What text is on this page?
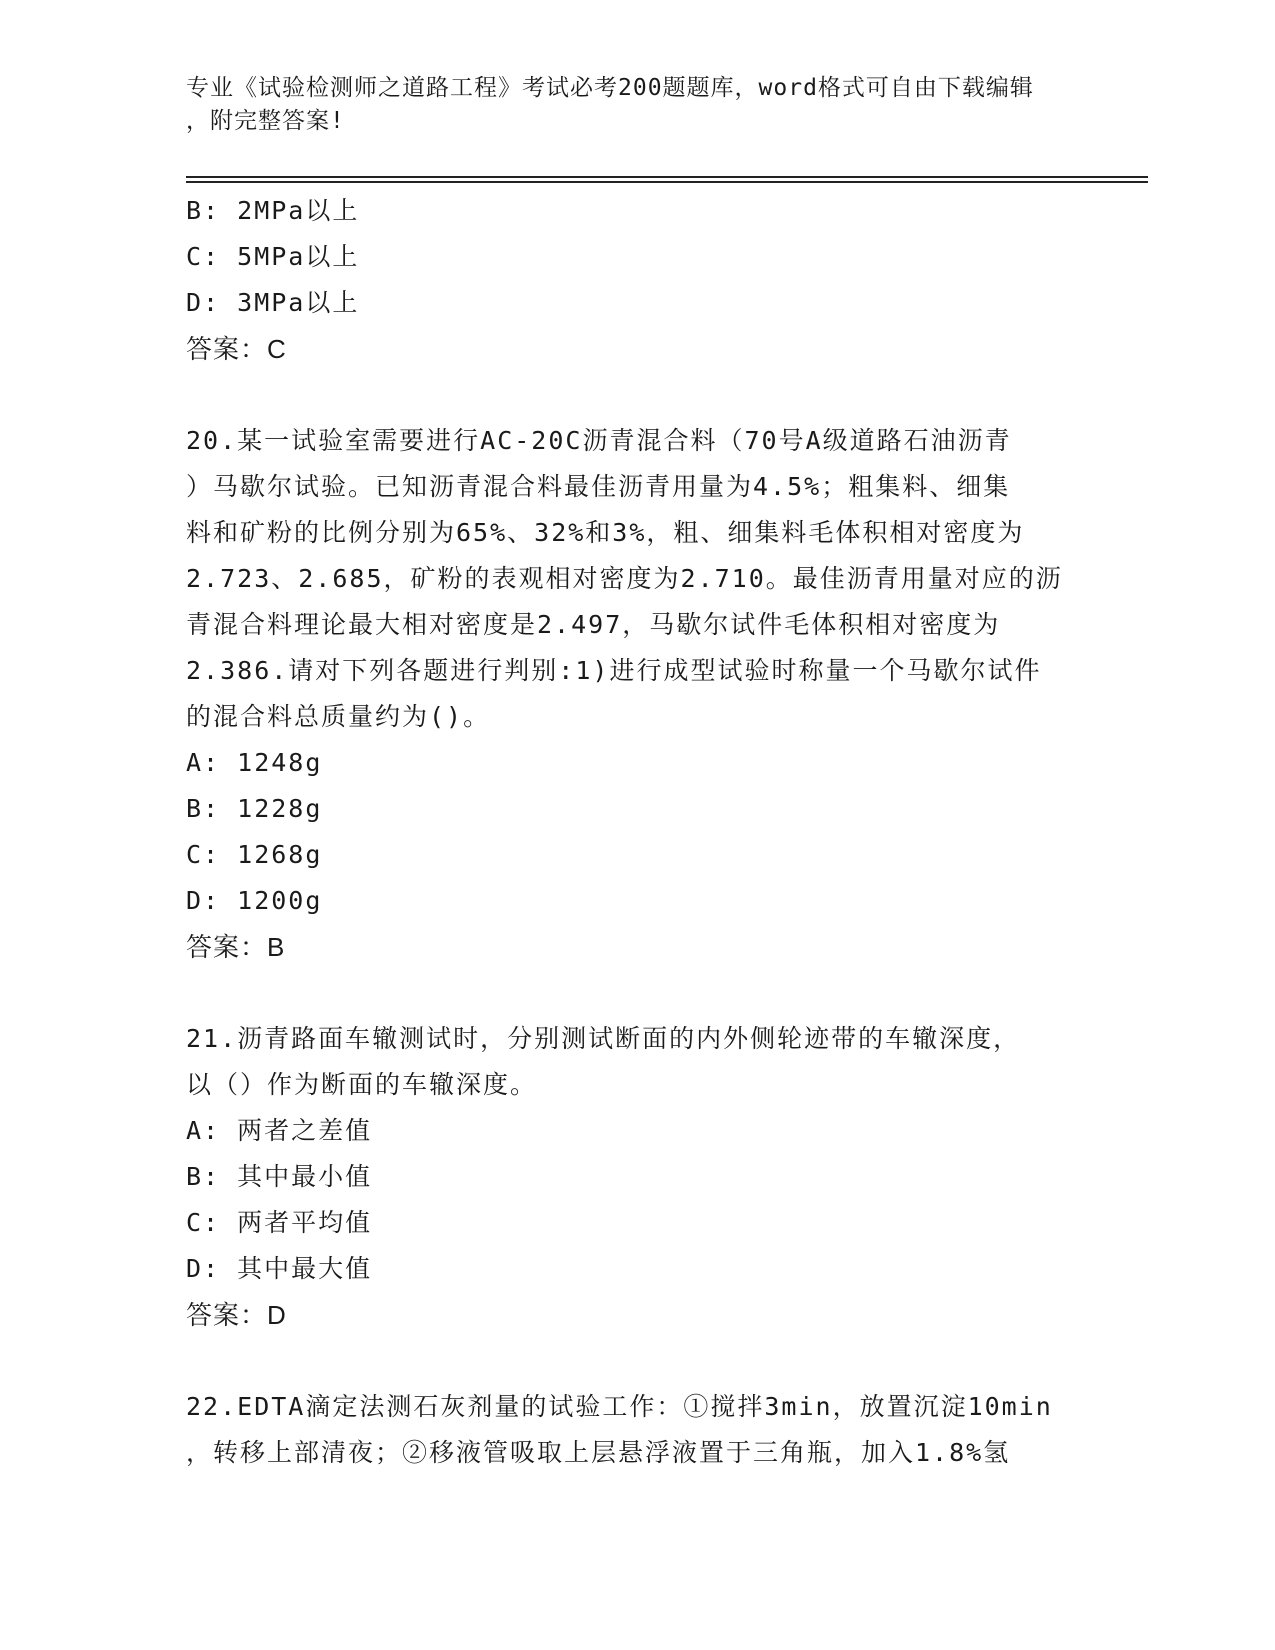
专业《试验检测师之道路工程》考试必考200题题库，word格式可自由下载编辑
，附完整答案!
B: 2MPa以上
C: 5MPa以上
D: 3MPa以上
答案：C
20.某一试验室需要进行AC-20C沥青混合料（70号A级道路石油沥青
）马歇尔试验。已知沥青混合料最佳沥青用量为4.5%；粗集料、细集
料和矿粉的比例分别为65%、32%和3%，粗、细集料毛体积相对密度为
2.723、2.685，矿粉的表观相对密度为2.710。最佳沥青用量对应的沥
青混合料理论最大相对密度是2.497，马歇尔试件毛体积相对密度为
2.386.请对下列各题进行判别:1)进行成型试验时称量一个马歇尔试件
的混合料总质量约为()。
A: 1248g
B: 1228g
C: 1268g
D: 1200g
答案：B
21.沥青路面车辙测试时，分别测试断面的内外侧轮迹带的车辙深度，
以（）作为断面的车辙深度。
A: 两者之差值
B: 其中最小值
C: 两者平均值
D: 其中最大值
答案：D
22.EDTA滴定法测石灰剂量的试验工作：①搅拌3min，放置沉淀10min
，转移上部清夜；②移液管吸取上层悬浮液置于三角瓶，加入1.8%氢
